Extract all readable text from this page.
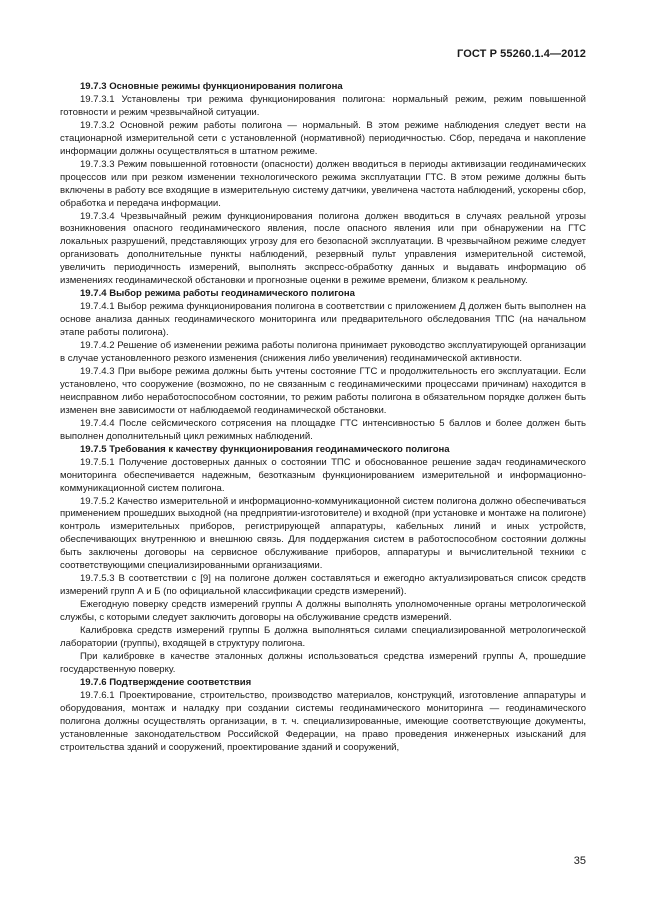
ГОСТ Р 55260.1.4—2012

19.7.3 Основные режимы функционирования полигона

19.7.3.1 Установлены три режима функционирования полигона: нормальный режим, режим повышенной готовности и режим чрезвычайной ситуации.

19.7.3.2 Основной режим работы полигона — нормальный. В этом режиме наблюдения следует вести на стационарной измерительной сети с установленной (нормативной) периодичностью. Сбор, передача и накопление информации должны осуществляться в штатном режиме.

19.7.3.3 Режим повышенной готовности (опасности) должен вводиться в периоды активизации геодинамических процессов или при резком изменении технологического режима эксплуатации ГТС. В этом режиме должны быть включены в работу все входящие в измерительную систему датчики, увеличена частота наблюдений, ускорены сбор, обработка и передача информации.

19.7.3.4 Чрезвычайный режим функционирования полигона должен вводиться в случаях реальной угрозы возникновения опасного геодинамического явления, после опасного явления или при обнаружении на ГТС локальных разрушений, представляющих угрозу для его безопасной эксплуатации. В чрезвычайном режиме следует организовать дополнительные пункты наблюдений, резервный пульт управления измерительной системой, увеличить периодичность измерений, выполнять экспресс-обработку данных и выдавать информацию об изменениях геодинамической обстановки и прогнозные оценки в режиме времени, близком к реальному.

19.7.4 Выбор режима работы геодинамического полигона

19.7.4.1 Выбор режима функционирования полигона в соответствии с приложением Д должен быть выполнен на основе анализа данных геодинамического мониторинга или предварительного обследования ТПС (на начальном этапе работы полигона).

19.7.4.2 Решение об изменении режима работы полигона принимает руководство эксплуатирующей организации в случае установленного резкого изменения (снижения либо увеличения) геодинамической активности.

19.7.4.3 При выборе режима должны быть учтены состояние ГТС и продолжительность его эксплуатации. Если установлено, что сооружение (возможно, по не связанным с геодинамическими процессами причинам) находится в неисправном либо неработоспособном состоянии, то режим работы полигона в обязательном порядке должен быть изменен вне зависимости от наблюдаемой геодинамической обстановки.

19.7.4.4 После сейсмического сотрясения на площадке ГТС интенсивностью 5 баллов и более должен быть выполнен дополнительный цикл режимных наблюдений.

19.7.5 Требования к качеству функционирования геодинамического полигона

19.7.5.1 Получение достоверных данных о состоянии ТПС и обоснованное решение задач геодинамического мониторинга обеспечивается надежным, безотказным функционированием измерительной и информационно-коммуникационной систем полигона.

19.7.5.2 Качество измерительной и информационно-коммуникационной систем полигона должно обеспечиваться применением прошедших выходной (на предприятии-изготовителе) и входной (при установке и монтаже на полигоне) контроль измерительных приборов, регистрирующей аппаратуры, кабельных линий и иных устройств, обеспечивающих внутреннюю и внешнюю связь. Для поддержания систем в работоспособном состоянии должны быть заключены договоры на сервисное обслуживание приборов, аппаратуры и вычислительной техники с соответствующими специализированными организациями.

19.7.5.3 В соответствии с [9] на полигоне должен составляться и ежегодно актуализироваться список средств измерений групп А и Б (по официальной классификации средств измерений).

Ежегодную поверку средств измерений группы А должны выполнять уполномоченные органы метрологической службы, с которыми следует заключить договоры на обслуживание средств измерений.

Калибровка средств измерений группы Б должна выполняться силами специализированной метрологической лаборатории (группы), входящей в структуру полигона.

При калибровке в качестве эталонных должны использоваться средства измерений группы А, прошедшие государственную поверку.

19.7.6 Подтверждение соответствия

19.7.6.1 Проектирование, строительство, производство материалов, конструкций, изготовление аппаратуры и оборудования, монтаж и наладку при создании системы геодинамического мониторинга — геодинамического полигона должны осуществлять организации, в т. ч. специализированные, имеющие соответствующие документы, установленные законодательством Российской Федерации, на право проведения инженерных изысканий для строительства зданий и сооружений, проектирование зданий и сооружений,

35
